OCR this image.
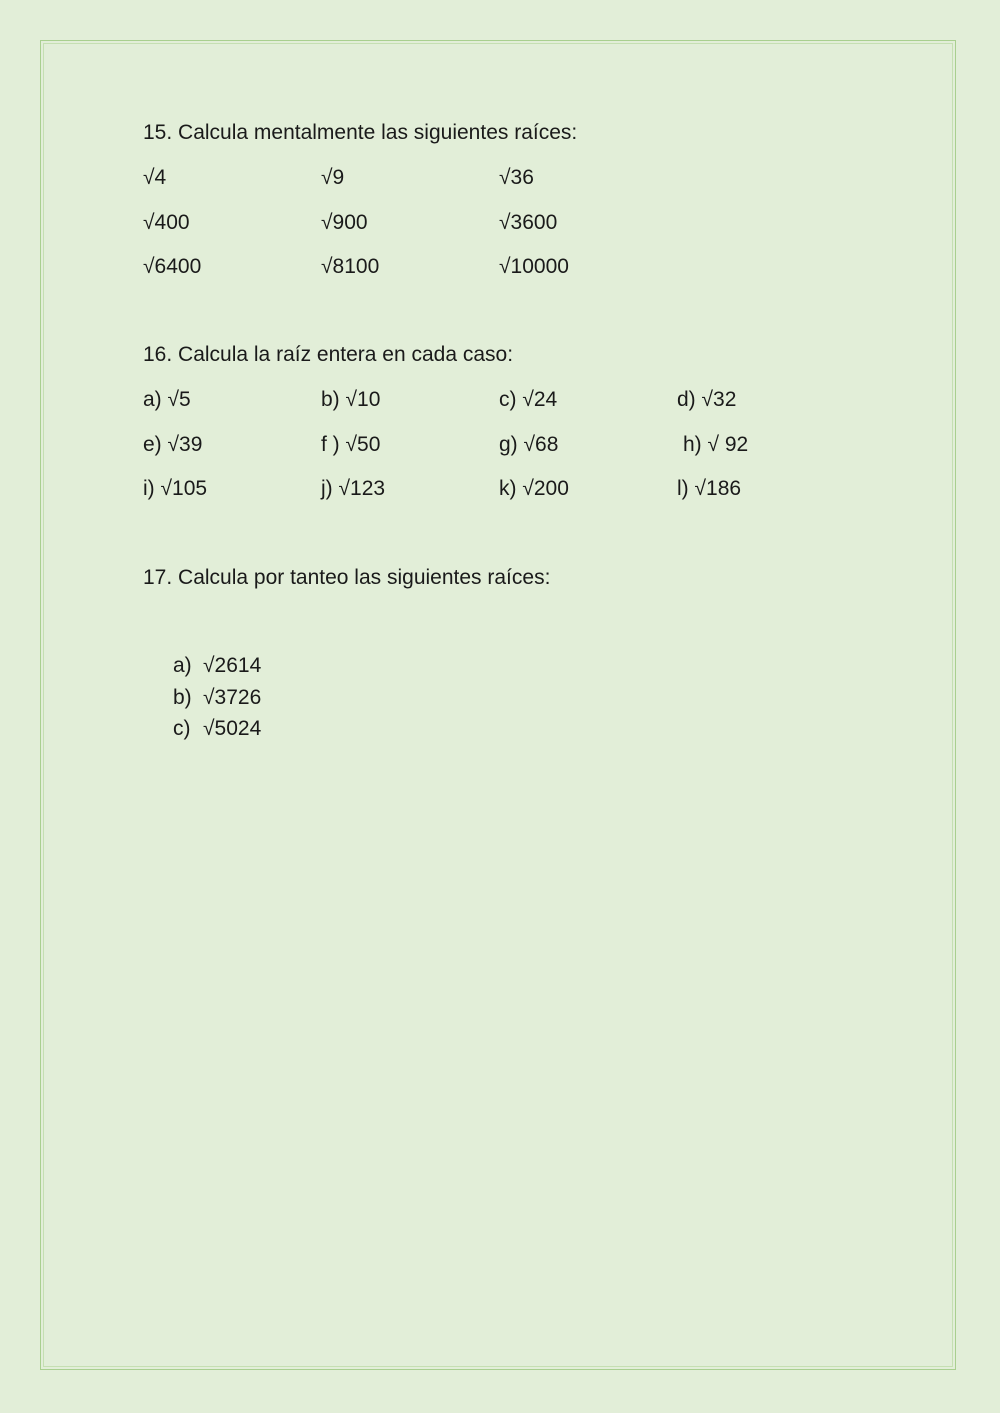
15. Calcula mentalmente las siguientes raíces:
√4	√9	√36
√400	√900	√3600
√6400	√8100	√10000
16. Calcula la raíz entera en cada caso:
a) √5	b) √10	c) √24	d) √32
e) √39	f ) √50	g) √68	h) √ 92
i) √105	j) √123	k) √200	l) √186
17. Calcula por tanteo las siguientes raíces:
a) √2614
b) √3726
c) √5024
